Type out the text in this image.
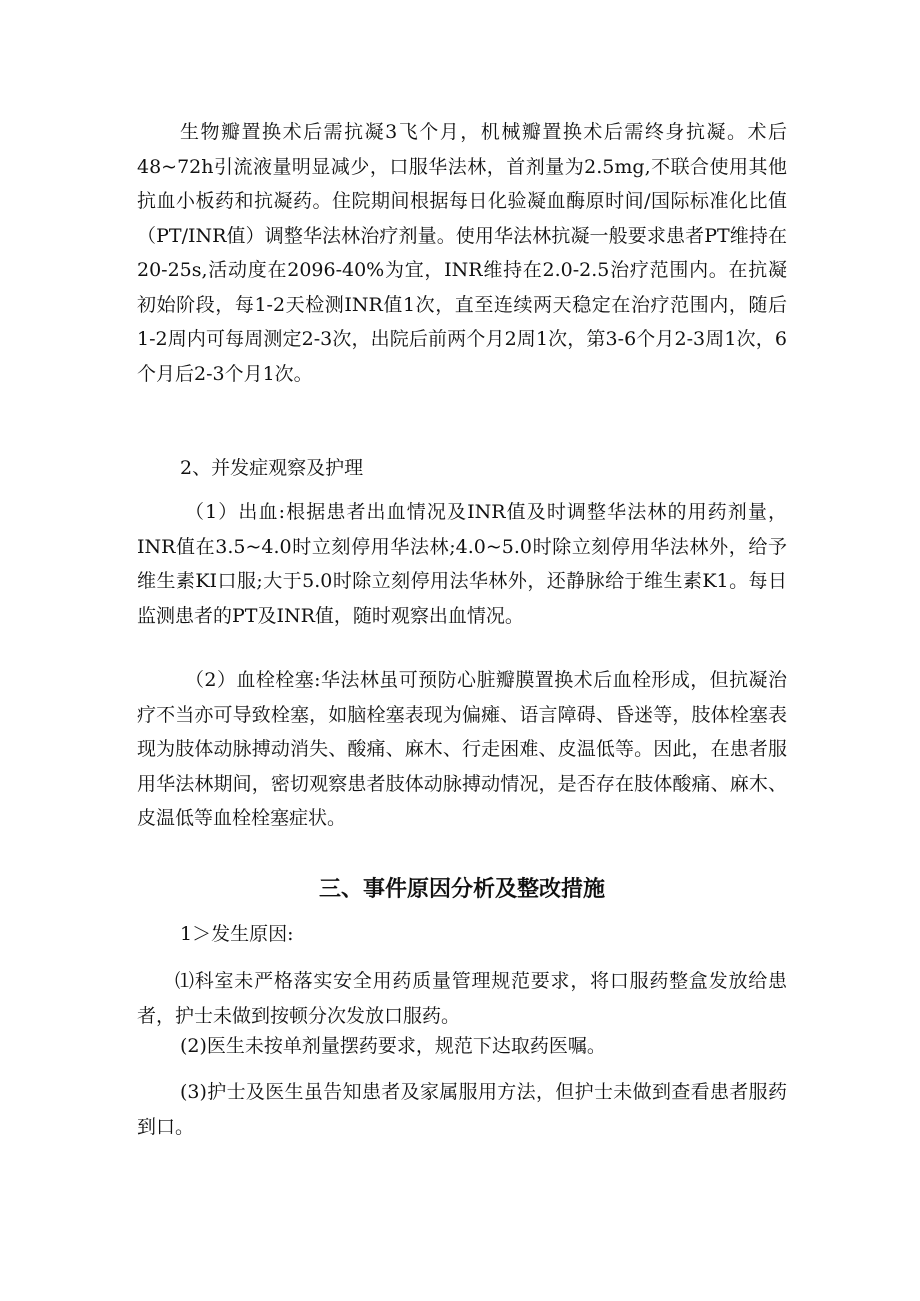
生物瓣置换术后需抗凝3飞个月，机械瓣置换术后需终身抗凝。术后48~72h引流液量明显减少，口服华法林，首剂量为2.5mg,不联合使用其他抗血小板药和抗凝药。住院期间根据每日化验凝血酶原时间/国际标准化比值（PT/INR值）调整华法林治疗剂量。使用华法林抗凝一般要求患者PT维持在20-25s,活动度在2096-40%为宜，INR维持在2.0-2.5治疗范围内。在抗凝初始阶段，每1-2天检测INR值1次，直至连续两天稳定在治疗范围内，随后1-2周内可每周测定2-3次，出院后前两个月2周1次，第3-6个月2-3周1次，6个月后2-3个月1次。

2、并发症观察及护理

（1）出血:根据患者出血情况及INR值及时调整华法林的用药剂量，INR值在3.5~4.0时立刻停用华法林;4.0~5.0时除立刻停用华法林外，给予维生素KI口服;大于5.0时除立刻停用法华林外，还静脉给于维生素K1。每日监测患者的PT及INR值，随时观察出血情况。

（2）血栓栓塞:华法林虽可预防心脏瓣膜置换术后血栓形成，但抗凝治疗不当亦可导致栓塞，如脑栓塞表现为偏瘫、语言障碍、昏迷等，肢体栓塞表现为肢体动脉搏动消失、酸痛、麻木、行走困难、皮温低等。因此，在患者服用华法林期间，密切观察患者肢体动脉搏动情况，是否存在肢体酸痛、麻木、皮温低等血栓栓塞症状。

三、事件原因分析及整改措施

1＞发生原因:

⑴科室未严格落实安全用药质量管理规范要求，将口服药整盒发放给患者，护士未做到按顿分次发放口服药。

(2)医生未按单剂量摆药要求，规范下达取药医嘱。

(3)护士及医生虽告知患者及家属服用方法，但护士未做到查看患者服药到口。
